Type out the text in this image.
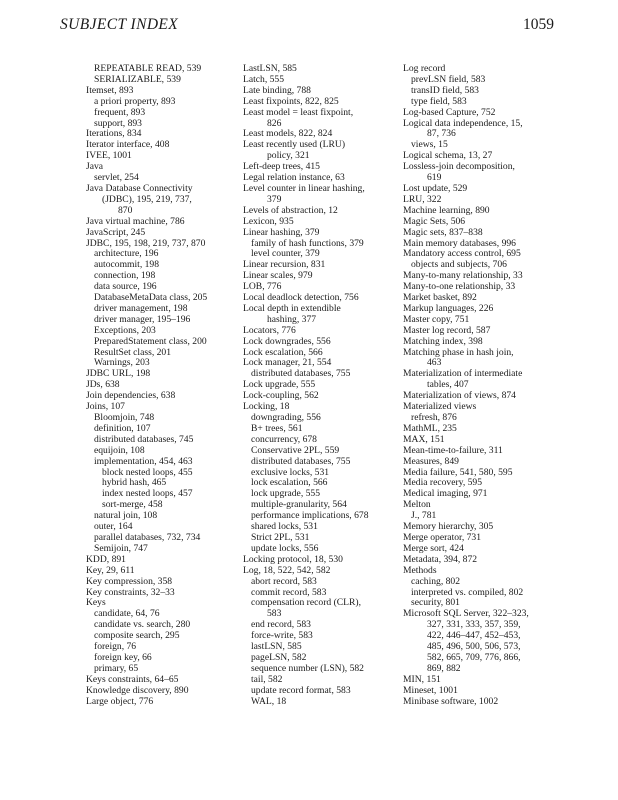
SUBJECT INDEX	1059
REPEATABLE READ, 539
SERIALIZABLE, 539
Itemset, 893
a priori property, 893
frequent, 893
support, 893
Iterations, 834
Iterator interface, 408
IVEE, 1001
Java
servlet, 254
Java Database Connectivity
(JDBC), 195, 219, 737,
870
Java virtual machine, 786
JavaScript, 245
JDBC, 195, 198, 219, 737, 870
architecture, 196
autocommit, 198
connection, 198
data source, 196
DatabaseMetaData class, 205
driver management, 198
driver manager, 195–196
Exceptions, 203
PreparedStatement class, 200
ResultSet class, 201
Warnings, 203
JDBC URL, 198
JDs, 638
Join dependencies, 638
Joins, 107
Bloomjoin, 748
definition, 107
distributed databases, 745
equijoin, 108
implementation, 454, 463
block nested loops, 455
hybrid hash, 465
index nested loops, 457
sort-merge, 458
natural join, 108
outer, 164
parallel databases, 732, 734
Semijoin, 747
KDD, 891
Key, 29, 611
Key compression, 358
Key constraints, 32–33
Keys
candidate, 64, 76
candidate vs. search, 280
composite search, 295
foreign, 76
foreign key, 66
primary, 65
Keys constraints, 64–65
Knowledge discovery, 890
Large object, 776
LastLSN, 585
Latch, 555
Late binding, 788
Least fixpoints, 822, 825
Least model = least fixpoint,
826
Least models, 822, 824
Least recently used (LRU)
policy, 321
Left-deep trees, 415
Legal relation instance, 63
Level counter in linear hashing,
379
Levels of abstraction, 12
Lexicon, 935
Linear hashing, 379
family of hash functions, 379
level counter, 379
Linear recursion, 831
Linear scales, 979
LOB, 776
Local deadlock detection, 756
Local depth in extendible
hashing, 377
Locators, 776
Lock downgrades, 556
Lock escalation, 566
Lock manager, 21, 554
distributed databases, 755
Lock upgrade, 555
Lock-coupling, 562
Locking, 18
downgrading, 556
B+ trees, 561
concurrency, 678
Conservative 2PL, 559
distributed databases, 755
exclusive locks, 531
lock escalation, 566
lock upgrade, 555
multiple-granularity, 564
performance implications, 678
shared locks, 531
Strict 2PL, 531
update locks, 556
Locking protocol, 18, 530
Log, 18, 522, 542, 582
abort record, 583
commit record, 583
compensation record (CLR),
583
end record, 583
force-write, 583
lastLSN, 585
pageLSN, 582
sequence number (LSN), 582
tail, 582
update record format, 583
WAL, 18
Log record
prevLSN field, 583
transID field, 583
type field, 583
Log-based Capture, 752
Logical data independence, 15,
87, 736
views, 15
Logical schema, 13, 27
Lossless-join decomposition,
619
Lost update, 529
LRU, 322
Machine learning, 890
Magic Sets, 506
Magic sets, 837–838
Main memory databases, 996
Mandatory access control, 695
objects and subjects, 706
Many-to-many relationship, 33
Many-to-one relationship, 33
Market basket, 892
Markup languages, 226
Master copy, 751
Master log record, 587
Matching index, 398
Matching phase in hash join,
463
Materialization of intermediate
tables, 407
Materialization of views, 874
Materialized views
refresh, 876
MathML, 235
MAX, 151
Mean-time-to-failure, 311
Measures, 849
Media failure, 541, 580, 595
Media recovery, 595
Medical imaging, 971
Melton
J., 781
Memory hierarchy, 305
Merge operator, 731
Merge sort, 424
Metadata, 394, 872
Methods
caching, 802
interpreted vs. compiled, 802
security, 801
Microsoft SQL Server, 322–323,
327, 331, 333, 357, 359,
422, 446–447, 452–453,
485, 496, 500, 506, 573,
582, 665, 709, 776, 866,
869, 882
MIN, 151
Mineset, 1001
Minibase software, 1002
